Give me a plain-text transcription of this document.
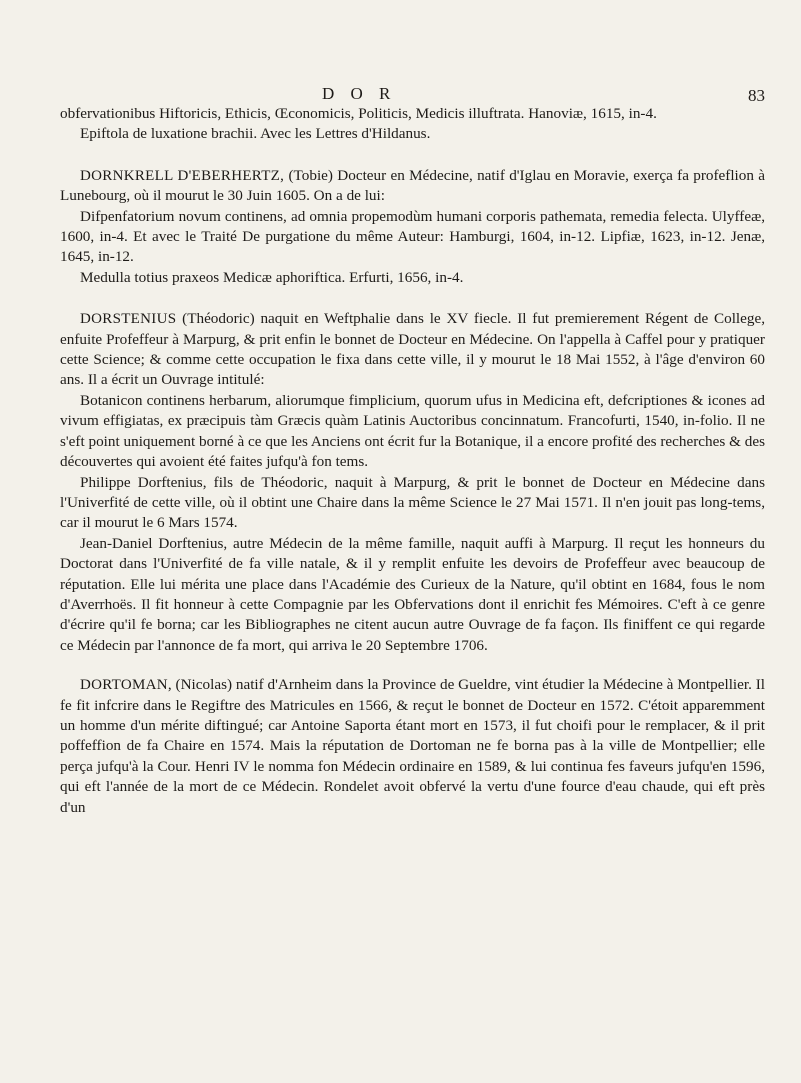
D O R	83

obfervationibus Hiftoricis, Ethicis, Œconomicis, Politicis, Medicis illuftrata. Hanoviæ, 1615, in-4.

Epiftola de luxatione brachii. Avec les Lettres d'Hildanus.

DORNKRELL D'EBERHERTZ, (Tobie) Docteur en Médecine, natif d'Iglau en Moravie, exerça fa profeflion à Lunebourg, où il mourut le 30 Juin 1605. On a de lui:

Difpenfatorium novum continens, ad omnia propemodùm humani corporis pathemata, remedia felecta. Ulyffeæ, 1600, in-4. Et avec le Traité De purgatione du même Auteur: Hamburgi, 1604, in-12. Lipfiæ, 1623, in-12. Jenæ, 1645, in-12.

Medulla totius praxeos Medicæ aphoriftica. Erfurti, 1656, in-4.

DORSTENIUS (Théodoric) naquit en Weftphalie dans le XV fiecle. Il fut premierement Régent de College, enfuite Profeffeur à Marpurg, & prit enfin le bonnet de Docteur en Médecine. On l'appella à Caffel pour y pratiquer cette Science; & comme cette occupation le fixa dans cette ville, il y mourut le 18 Mai 1552, à l'âge d'environ 60 ans. Il a écrit un Ouvrage intitulé:

Botanicon continens herbarum, aliorumque fimplicium, quorum ufus in Medicina eft, defcriptiones & icones ad vivum effigiatas, ex præcipuis tàm Græcis quàm Latinis Auctoribus concinnatum. Francofurti, 1540, in-folio. Il ne s'eft point uniquement borné à ce que les Anciens ont écrit fur la Botanique, il a encore profité des recherches & des découvertes qui avoient été faites jufqu'à fon tems.

Philippe Dorftenius, fils de Théodoric, naquit à Marpurg, & prit le bonnet de Docteur en Médecine dans l'Univerfité de cette ville, où il obtint une Chaire dans la même Science le 27 Mai 1571. Il n'en jouit pas long-tems, car il mourut le 6 Mars 1574.

Jean-Daniel Dorftenius, autre Médecin de la même famille, naquit auffi à Marpurg. Il reçut les honneurs du Doctorat dans l'Univerfité de fa ville natale, & il y remplit enfuite les devoirs de Profeffeur avec beaucoup de réputation. Elle lui mérita une place dans l'Académie des Curieux de la Nature, qu'il obtint en 1684, fous le nom d'Averrhoës. Il fit honneur à cette Compagnie par les Obfervations dont il enrichit fes Mémoires. C'eft à ce genre d'écrire qu'il fe borna; car les Bibliographes ne citent aucun autre Ouvrage de fa façon. Ils finiffent ce qui regarde ce Médecin par l'annonce de fa mort, qui arriva le 20 Septembre 1706.

DORTOMAN, (Nicolas) natif d'Arnheim dans la Province de Gueldre, vint étudier la Médecine à Montpellier. Il fe fit infcrire dans le Regiftre des Matricules en 1566, & reçut le bonnet de Docteur en 1572. C'étoit apparemment un homme d'un mérite diftingué; car Antoine Saporta étant mort en 1573, il fut choifi pour le remplacer, & il prit poffeffion de fa Chaire en 1574. Mais la réputation de Dortoman ne fe borna pas à la ville de Montpellier; elle perça jufqu'à la Cour. Henri IV le nomma fon Médecin ordinaire en 1589, & lui continua fes faveurs jufqu'en 1596, qui eft l'année de la mort de ce Médecin. Rondelet avoit obfervé la vertu d'une fource d'eau chaude, qui eft près d'un
